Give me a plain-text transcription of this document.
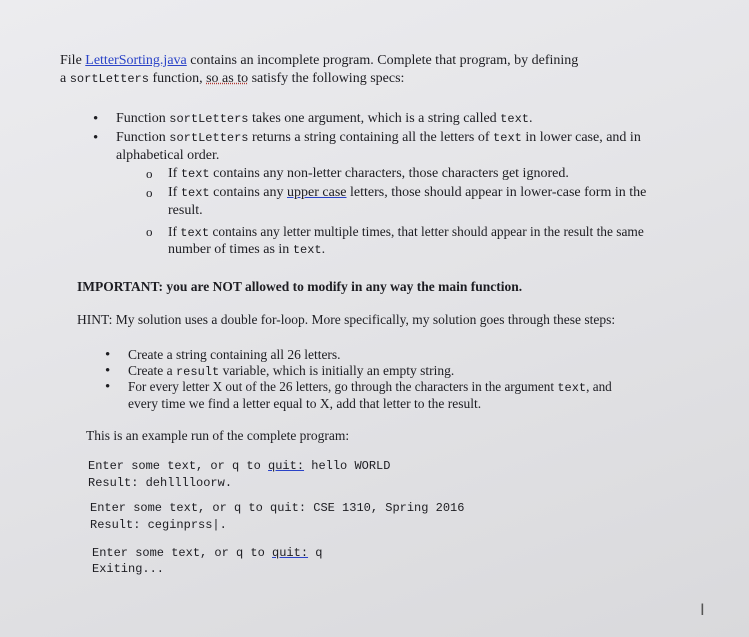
File LetterSorting.java contains an incomplete program. Complete that program, by defining
a sortLetters function, so as to satisfy the following specs:
• Function sortLetters takes one argument, which is a string called text.
• Function sortLetters returns a string containing all the letters of text in lower case, and in
alphabetical order.
o If text contains any non-letter characters, those characters get ignored.
o If text contains any upper case letters, those should appear in lower-case form in the
result.
o If text contains any letter multiple times, that letter should appear in the result the same
number of times as in text.
IMPORTANT: you are NOT allowed to modify in any way the main function.
HINT: My solution uses a double for-loop. More specifically, my solution goes through these steps:
• Create a string containing all 26 letters.
• Create a result variable, which is initially an empty string.
• For every letter X out of the 26 letters, go through the characters in the argument text, and
every time we find a letter equal to X, add that letter to the result.
This is an example run of the complete program:
Enter some text, or q to quit: hello WORLD
Result: dehlllloorw.
Enter some text, or q to quit: CSE 1310, Spring 2016
Result: ceginprss|.
Enter some text, or q to quit: q
Exiting...
I
